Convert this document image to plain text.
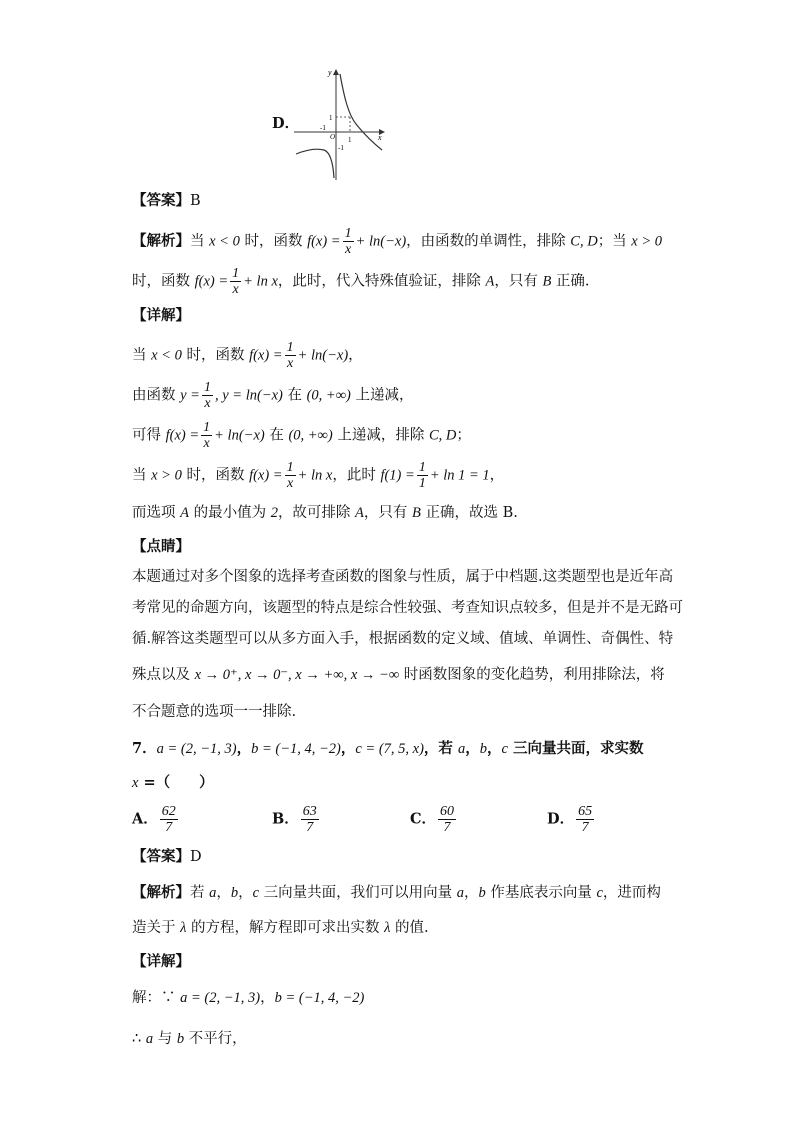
D．
y
x
O 1
-1
1
-1
【答案】B
【解析】当 x < 0 时，函数 $f(x) = \frac{1}{x} + \ln(-x)$，由函数的单调性，排除 C, D；当 x > 0
时，函数 $f(x) = \frac{1}{x} + \ln x$，此时，代入特殊值验证，排除 A，只有 B 正确.
【详解】
当 x < 0 时，函数 $f(x) = \frac{1}{x} + \ln(-x)$，
由函数 $y = \frac{1}{x}$ , y = ln(−x) 在 (0, +∞) 上递减，
可得 $f(x) = \frac{1}{x} + \ln(-x)$ 在 (0, +∞) 上递减，排除 C, D；
当 x > 0 时，函数 $f(x) = \frac{1}{x} + \ln x$，此时 $f(1) = \frac{1}{1} + \ln 1 = 1$，
而选项 A 的最小值为 2，故可排除 A，只有 B 正确，故选 B.
【点睛】
本题通过对多个图象的选择考查函数的图象与性质，属于中档题.这类题型也是近年高
考常见的命题方向，该题型的特点是综合性较强、考查知识点较多，但是并不是无路可
循.解答这类题型可以从多方面入手，根据函数的定义域、值域、单调性、奇偶性、特
殊点以及 x → 0⁺, x → 0⁻, x → +∞, x → −∞ 时函数图象的变化趋势，利用排除法，将
不合题意的选项一一排除.
7．a = (2, −1, 3)，b = (−1, 4, −2)，c = (7, 5, x)，若 a，b，c 三向量共面，求实数
x =（　　）
A． $\frac{62}{7}$	B． $\frac{63}{7}$	C． $\frac{60}{7}$	D． $\frac{65}{7}$
【答案】D
【解析】若 a，b，c 三向量共面，我们可以用向量 a，b 作基底表示向量 c，进而构
造关于 λ 的方程，解方程即可求出实数 λ 的值.
【详解】
解：∵ a = (2, −1, 3)，b = (−1, 4, −2)
∴ a 与 b 不平行，
